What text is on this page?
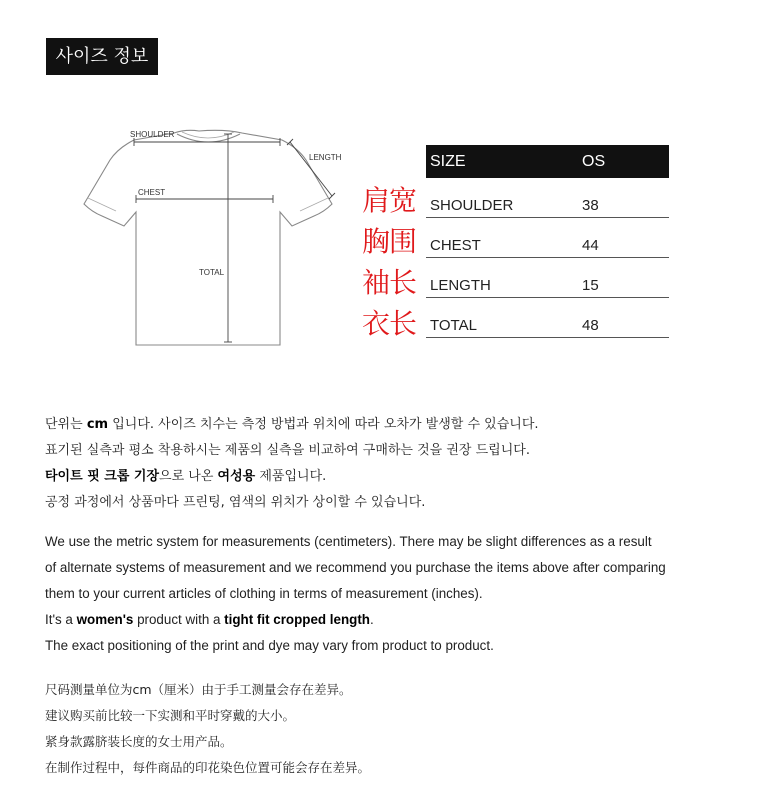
사이즈 정보
SHOULDER
LENGTH
CHEST
TOTAL
肩宽
胸围
袖长
衣长
SIZE	OS
SHOULDER	38
CHEST	44
LENGTH	15
TOTAL	48
단위는 cm 입니다. 사이즈 치수는 측정 방법과 위치에 따라 오차가 발생할 수 있습니다.
표기된 실측과 평소 착용하시는 제품의 실측을 비교하여 구매하는 것을 권장 드립니다.
타이트 핏 크롭 기장으로 나온 여성용 제품입니다.
공정 과정에서 상품마다 프린팅, 염색의 위치가 상이할 수 있습니다.
We use the metric system for measurements (centimeters). There may be slight differences as a result
of alternate systems of measurement and we recommend you purchase the items above after comparing
them to your current articles of clothing in terms of measurement (inches).
It's a women's product with a tight fit cropped length.
The exact positioning of the print and dye may vary from product to product.
尺码测量单位为cm（厘米）由于手工测量会存在差异。
建议购买前比较一下实测和平时穿戴的大小。
紧身款露脐装长度的女士用产品。
在制作过程中，每件商品的印花染色位置可能会存在差异。
